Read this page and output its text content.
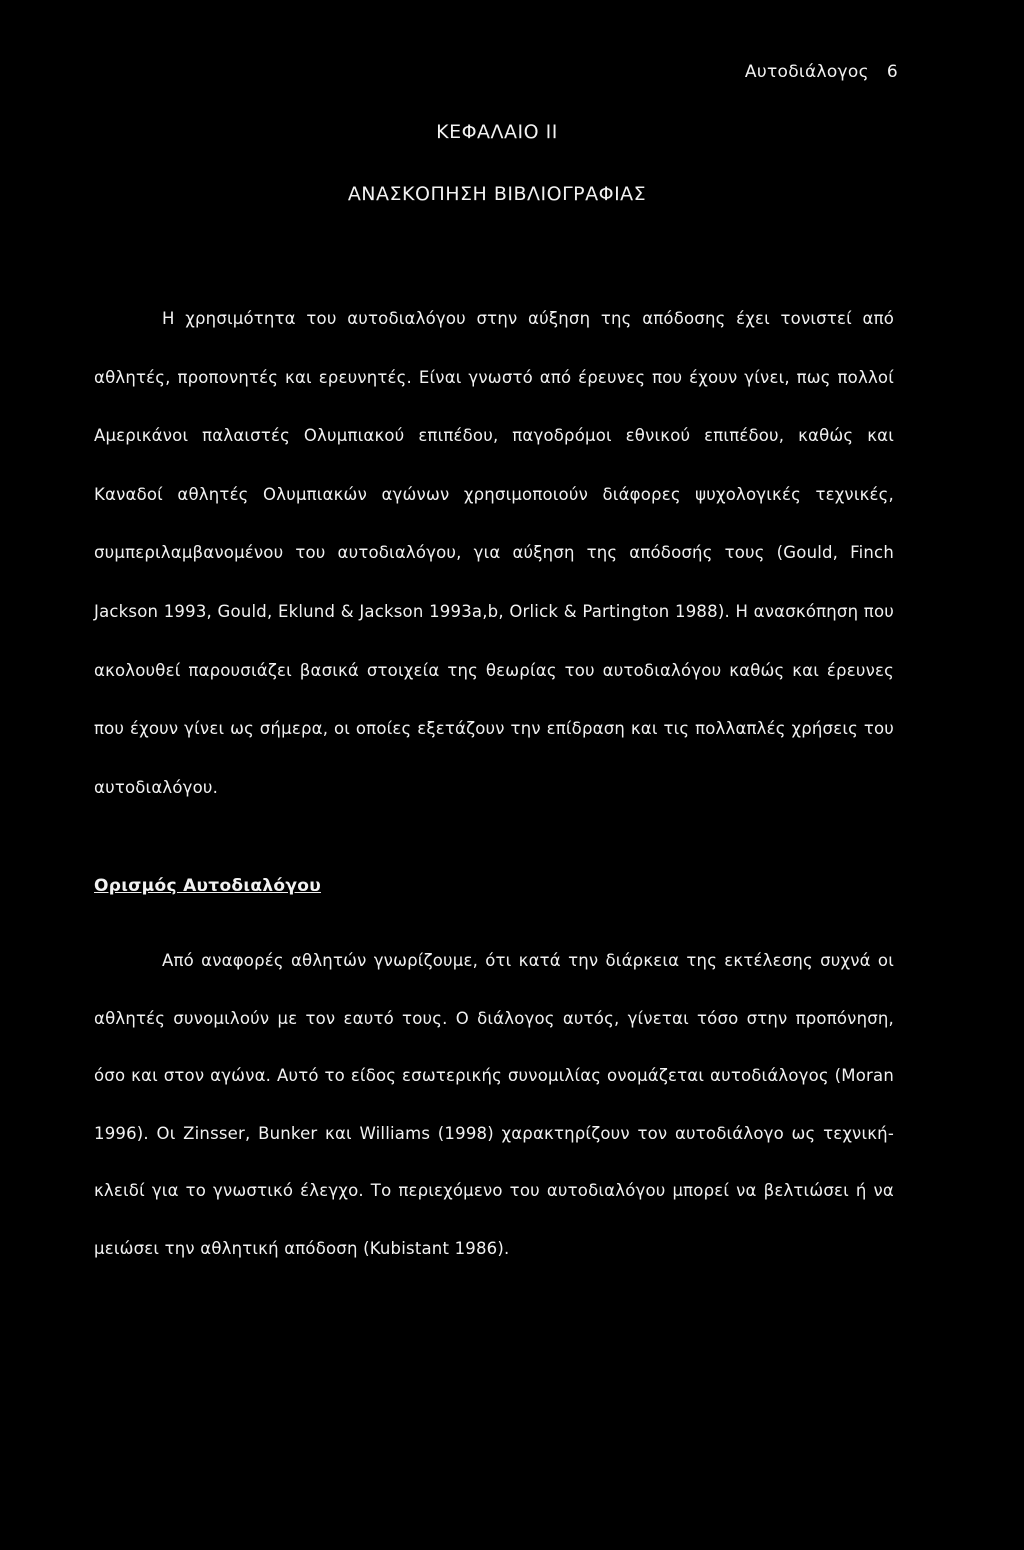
Αυτοδιάλογος 6
ΚΕΦΑΛΑΙΟ ΙΙ
ΑΝΑΣΚΟΠΗΣΗ ΒΙΒΛΙΟΓΡΑΦΙΑΣ

Η χρησιμότητα του αυτοδιαλόγου στην αύξηση της απόδοσης έχει τονιστεί από αθλητές, προπονητές και ερευνητές. Είναι γνωστό από έρευνες που έχουν γίνει, πως πολλοί Αμερικάνοι παλαιστές Ολυμπιακού επιπέδου, παγοδρόμοι εθνικού επιπέδου, καθώς και Καναδοί αθλητές Ολυμπιακών αγώνων χρησιμοποιούν διάφορες ψυχολογικές τεχνικές, συμπεριλαμβανομένου του αυτοδιαλόγου, για αύξηση της απόδοσής τους (Gould, Finch Jackson 1993, Gould, Eklund & Jackson 1993a,b, Orlick & Partington 1988). Η ανασκόπηση που ακολουθεί παρουσιάζει βασικά στοιχεία της θεωρίας του αυτοδιαλόγου καθώς και έρευνες που έχουν γίνει ως σήμερα, οι οποίες εξετάζουν την επίδραση και τις πολλαπλές χρήσεις του αυτοδιαλόγου.

Ορισμός Αυτοδιαλόγου

Από αναφορές αθλητών γνωρίζουμε, ότι κατά την διάρκεια της εκτέλεσης συχνά οι αθλητές συνομιλούν με τον εαυτό τους. Ο διάλογος αυτός, γίνεται τόσο στην προπόνηση, όσο και στον αγώνα. Αυτό το είδος εσωτερικής συνομιλίας ονομάζεται αυτοδιάλογος (Moran 1996). Οι Zinsser, Bunker και Williams (1998) χαρακτηρίζουν τον αυτοδιάλογο ως τεχνική-κλειδί για το γνωστικό έλεγχο. Το περιεχόμενο του αυτοδιαλόγου μπορεί να βελτιώσει ή να μειώσει την αθλητική απόδοση (Kubistant 1986).
